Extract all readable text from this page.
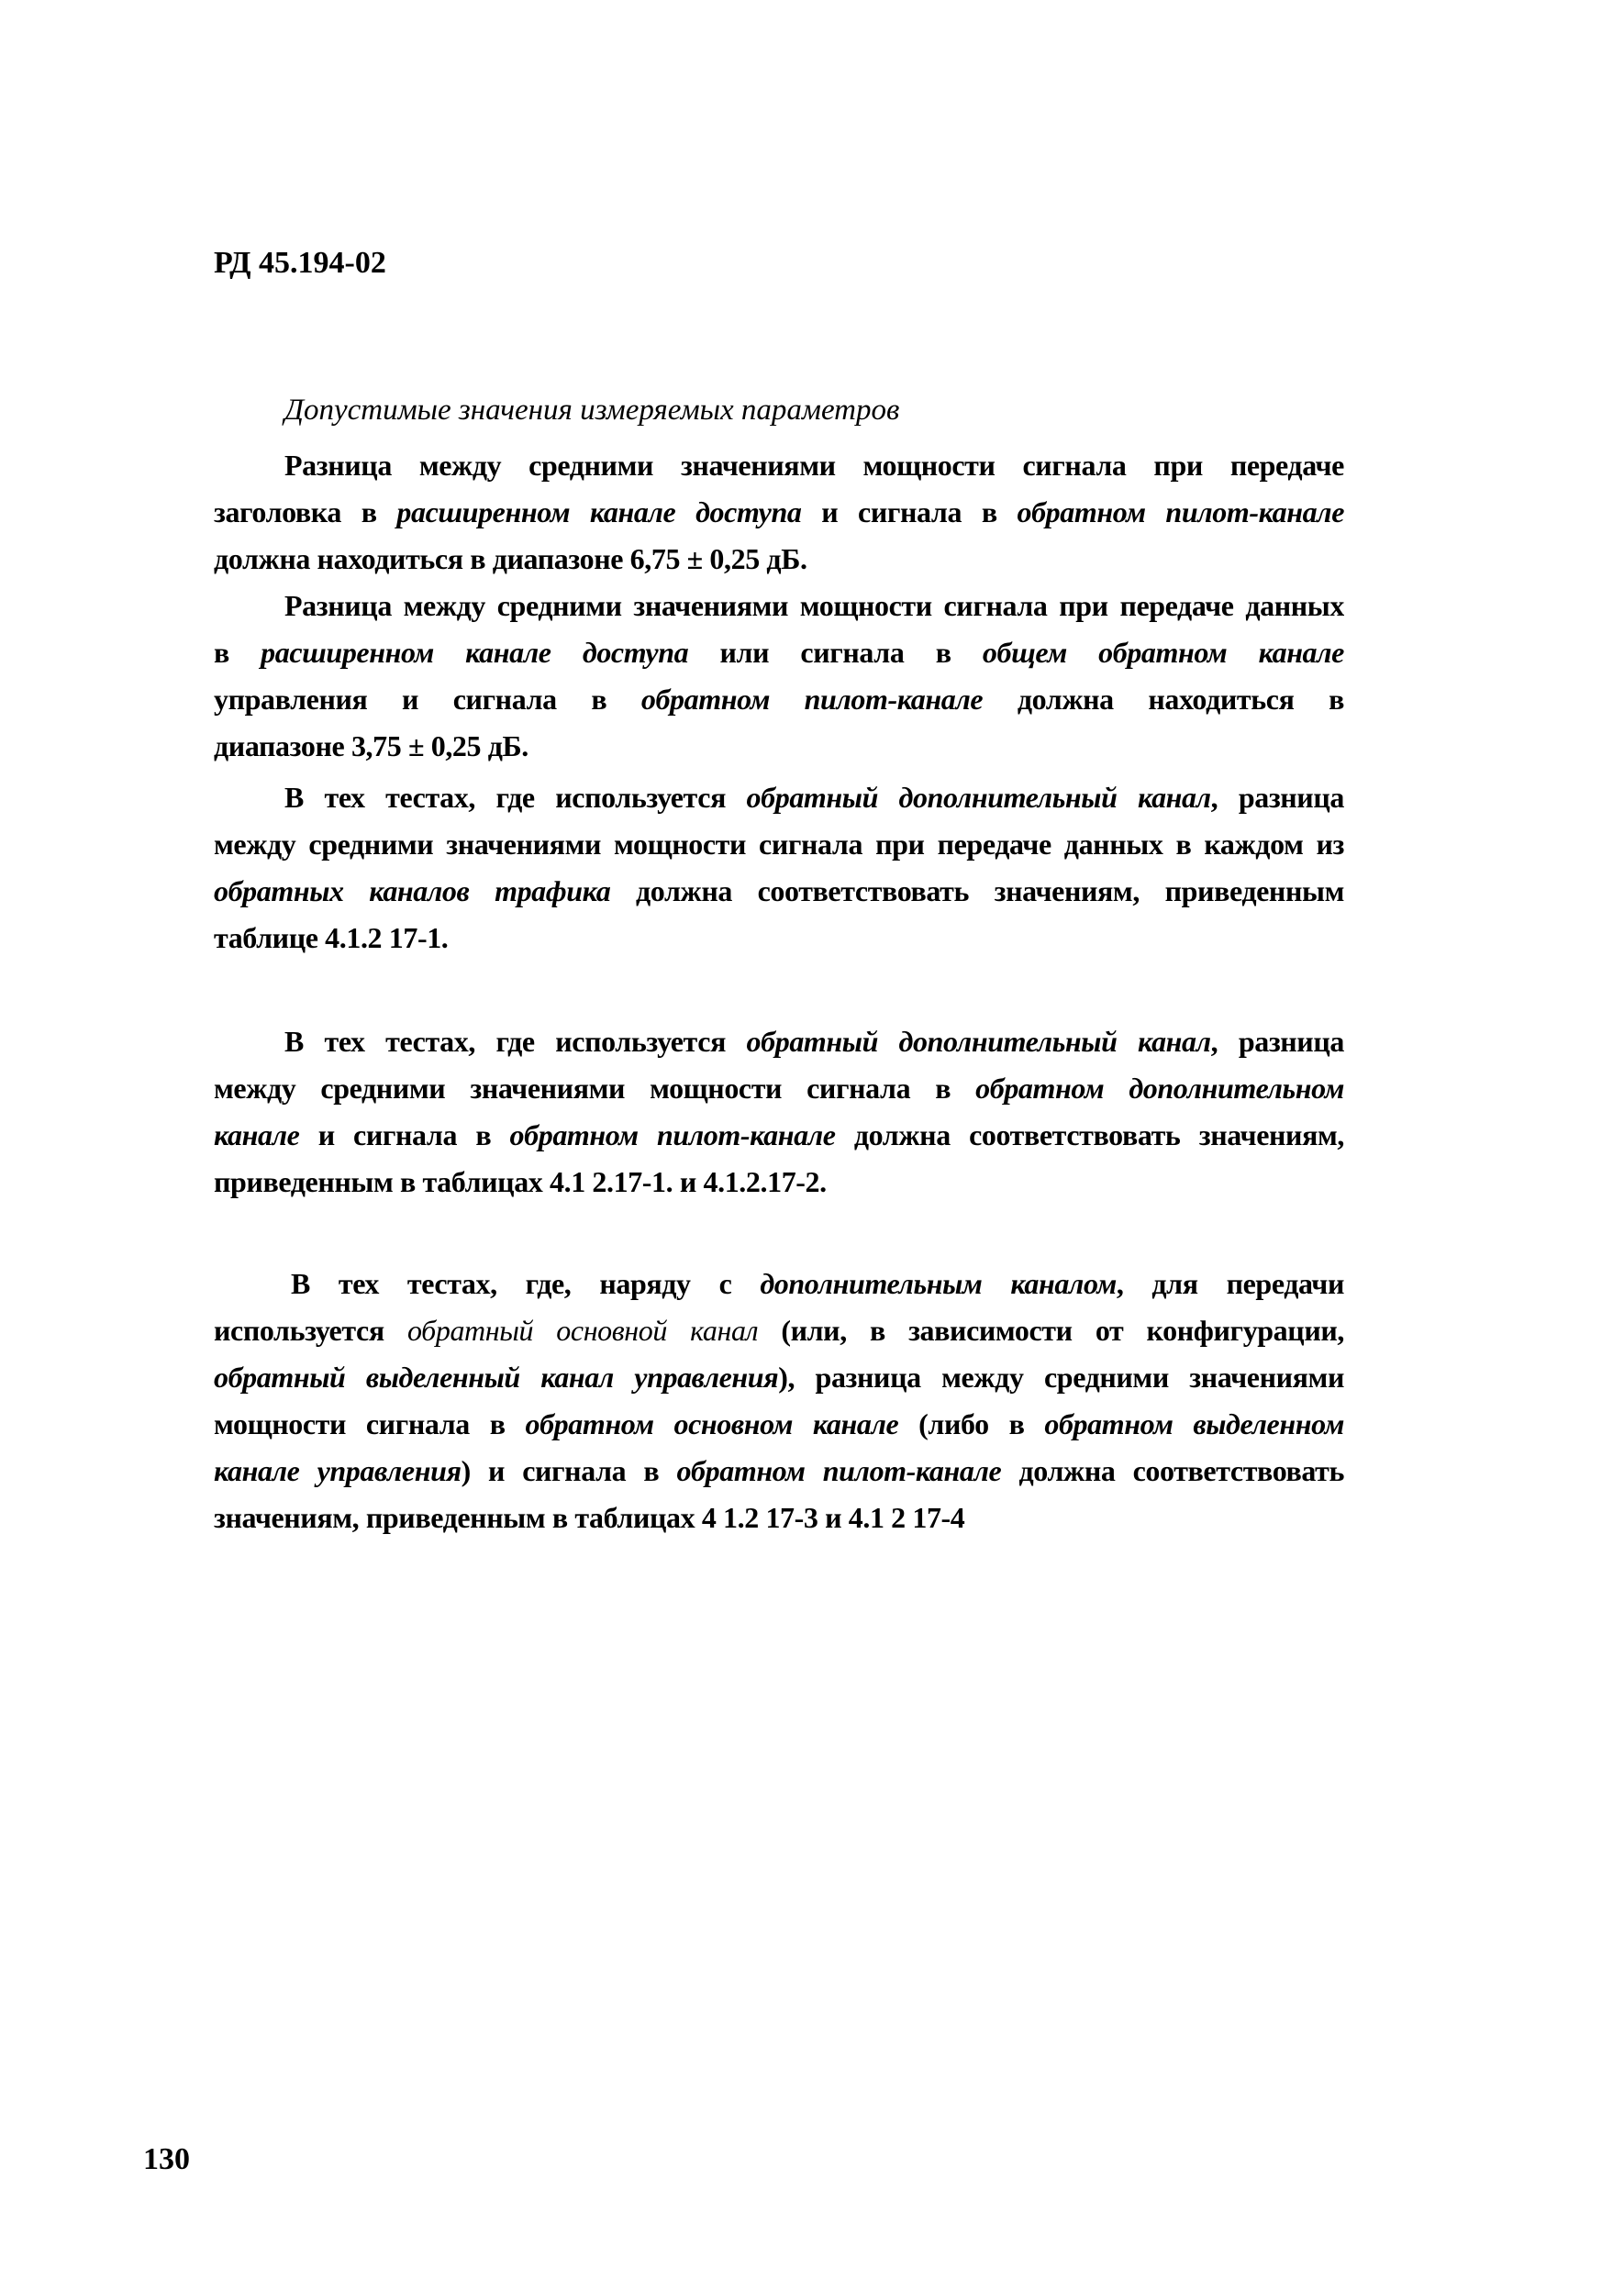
РД 45.194-02
Допустимые значения измеряемых параметров
Разница между средними значениями мощности сигнала при передаче
заголовка в расширенном канале доступа и сигнала в обратном пилот-канале
должна находиться в диапазоне 6,75 ± 0,25 дБ.
Разница между средними значениями мощности сигнала при передаче данных
в расширенном канале доступа или сигнала в общем обратном канале
управления и сигнала в обратном пилот-канале должна находиться в
диапазоне 3,75 ± 0,25 дБ.
В тех тестах, где используется обратный дополнительный канал, разница
между средними значениями мощности сигнала при передаче данных в каждом из
обратных каналов трафика должна соответствовать значениям, приведенным
таблице 4.1.2 17-1.
В тех тестах, где используется обратный дополнительный канал, разница
между средними значениями мощности сигнала в обратном дополнительном
канале и сигнала в обратном пилот-канале должна соответствовать значениям,
приведенным в таблицах 4.1 2.17-1. и 4.1.2.17-2.
В тех тестах, где, наряду с дополнительным каналом, для передачи
используется обратный основной канал (или, в зависимости от конфигурации,
обратный выделенный канал управления), разница между средними значениями
мощности сигнала в обратном основном канале (либо в обратном выделенном
канале управления) и сигнала в обратном пилот-канале должна соответствовать
значениям, приведенным в таблицах 4 1.2 17-3 и 4.1 2 17-4
130
